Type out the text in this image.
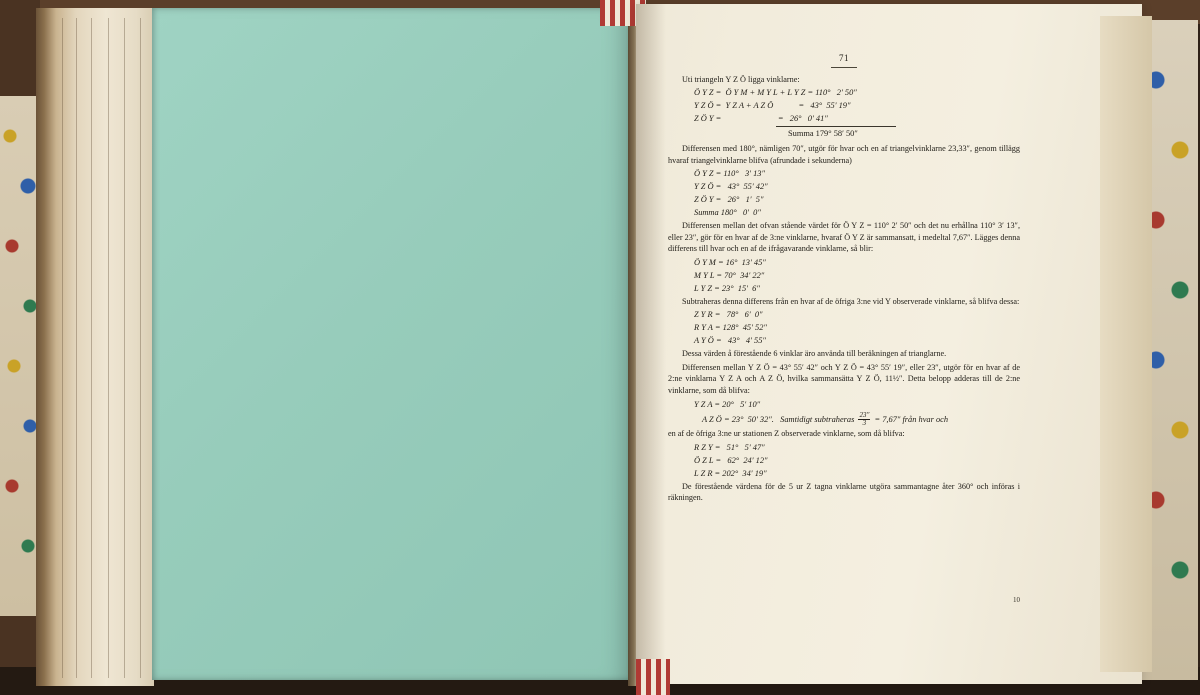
71
Uti triangeln Y Z Ö ligga vinklarne:
Ö Y Z =  Ö Y M + M Y L + L Y Z = 110°   2′ 50″
Y Z Ö =  Y Z A + A Z Ö            =   43°  55′ 19″
Z Ö Y =                           =   26°   0′ 41″
Summa 179° 58′ 50″
Differensen med 180°, nämligen 70″, utgör för hvar och en af triangelvinklarne 23,33″, genom tillägg hvaraf triangelvinklarne blifva (afrundade i sekunderna)
Ö Y Z = 110°   3′ 13″
Y Z Ö =   43°  55′ 42″
Z Ö Y =   26°   1′  5″
Summa 180°   0′  0″
Differensen mellan det ofvan stående värdet för Ö Y Z = 110° 2′ 50″ och det nu erhållna 110° 3′ 13″, eller 23″, gör för en hvar af de 3:ne vinklarne, hvaraf Ö Y Z är sammansatt, i medeltal 7,67″. Lägges denna differens till hvar och en af de ifrågavarande vinklarne, så blir:
Ö Y M = 16°  13′ 45″
M Y L = 70°  34′ 22″
L Y Z = 23°  15′  6″
Subtraheras denna differens från en hvar af de öfriga 3:ne vid Y observerade vinklarne, så blifva dessa:
Z Y R =   78°   6′  0″
R Y A = 128°  45′ 52″
A Y Ö =   43°   4′ 55″
Dessa värden å förestående 6 vinklar äro använda till beräkningen af trianglarne.
Differensen mellan Y Z Ö = 43° 55′ 42″ och Y Z Ö = 43° 55′ 19″, eller 23″, utgör för en hvar af de 2:ne vinklarna Y Z A och A Z Ö, hvilka sammansätta Y Z Ö, 11½″. Detta belopp adderas till de 2:ne vinklarne, som då blifva:
Y Z A = 20°   5′ 10″
A Z Ö = 23°  50′ 32″.   Samtidigt subtraheras $\frac{23''}{3} = 7,67''$ från hvar och
en af de öfriga 3:ne ur stationen Z observerade vinklarne, som då blifva:
R Z Y =   51°   5′ 47″
Ö Z L =   62°  24′ 12″
L Z R = 202°  34′ 19″
De förestående värdena för de 5 ur Z tagna vinklarne utgöra sammantagne åter 360° och införas i räkningen.
10
